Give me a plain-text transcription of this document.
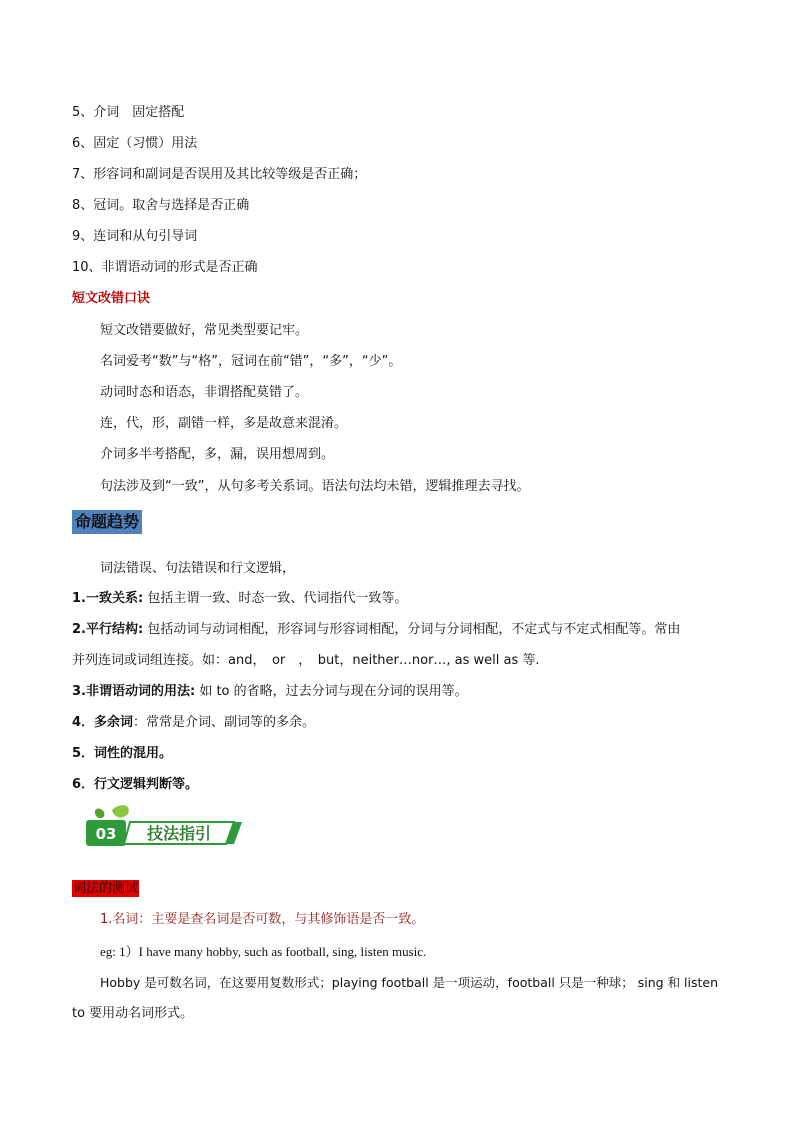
5、介词　固定搭配
6、固定（习惯）用法
7、形容词和副词是否误用及其比较等级是否正确；
8、冠词。取舍与选择是否正确
9、连词和从句引导词
10、非谓语动词的形式是否正确
短文改错口诀
短文改错要做好，常见类型要记牢。
名词爱考“数”与“格”，冠词在前“错”，“多”，“少”。
动词时态和语态，非谓搭配莫错了。
连，代，形，副错一样，多是故意来混淆。
介词多半考搭配，多，漏，误用想周到。
句法涉及到“一致”，从句多考关系词。语法句法均未错，逻辑推理去寻找。
命题趋势
词法错误、句法错误和行文逻辑，
1.一致关系: 包括主谓一致、时态一致、代词指代一致等。
2.平行结构: 包括动词与动词相配，形容词与形容词相配，分词与分词相配，不定式与不定式相配等。常由
并列连词或词组连接。如：and，　or　，　but，neither…nor…, as well as 等.
3.非谓语动词的用法: 如 to 的省略，过去分词与现在分词的误用等。
4．多余词：常常是介词、副词等的多余。
5．词性的混用。
6．行文逻辑判断等。
03 技法指引
词法的测试
1.名词：主要是查名词是否可数，与其修饰语是否一致。
eg: 1）I have many hobby, such as football, sing, listen music.
Hobby 是可数名词，在这要用复数形式；playing football 是一项运动，football 只是一种球； sing 和 listen
to 要用动名词形式。
